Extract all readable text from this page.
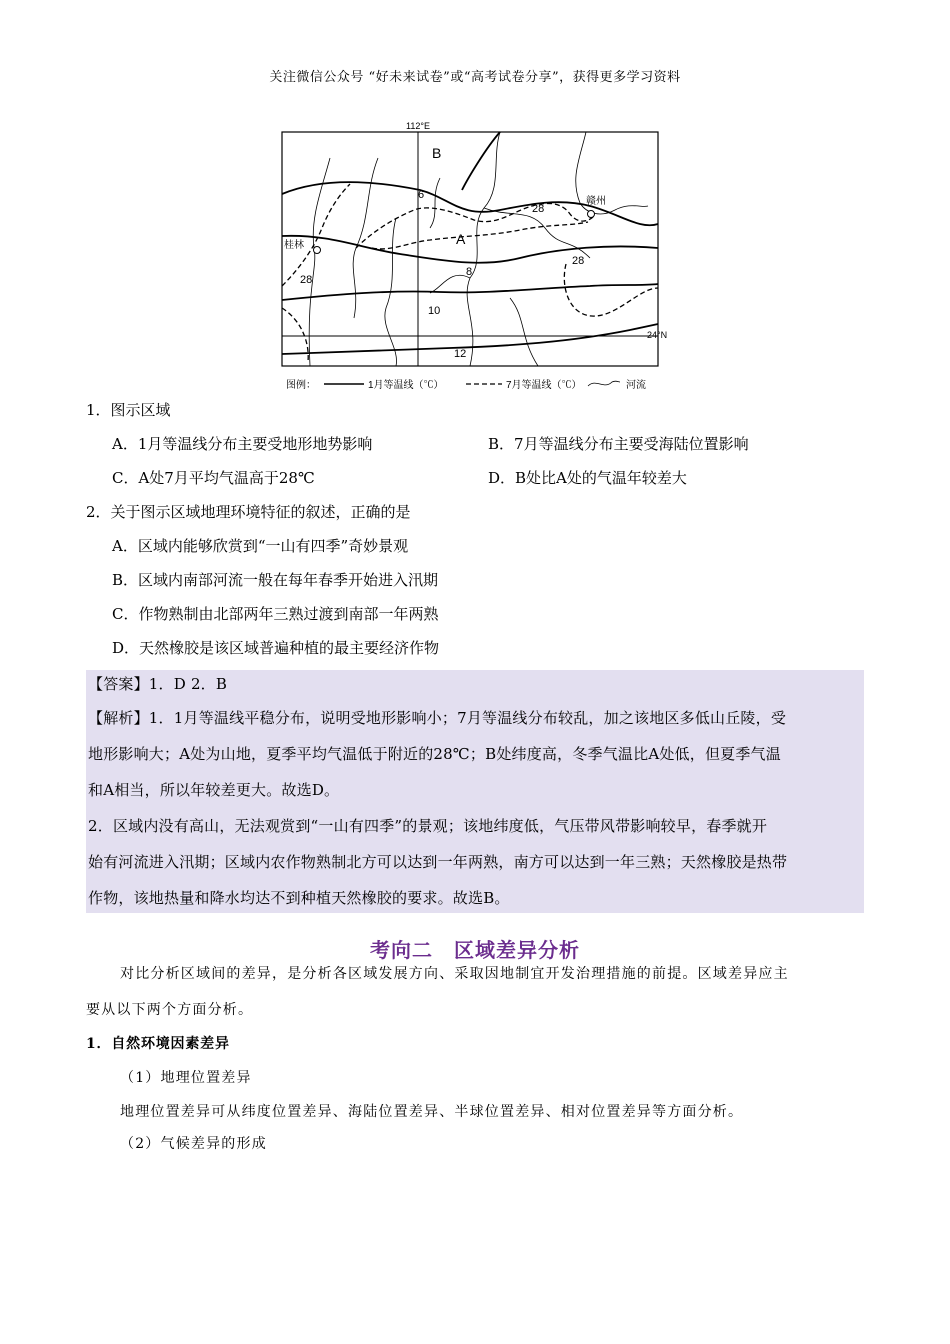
关注微信公众号 “好未来试卷”或“高考试卷分享”，获得更多学习资料
112°E
24°N
6
8
10
12
28
28
28
B
A
桂林
赣州
图例：	1月等温线（℃）	7月等温线（℃）	河流
1．图示区域
A．1月等温线分布主要受地形地势影响	B．7月等温线分布主要受海陆位置影响
C．A处7月平均气温高于28℃	D．B处比A处的气温年较差大
2．关于图示区域地理环境特征的叙述，正确的是
A．区域内能够欣赏到“一山有四季”奇妙景观
B．区域内南部河流一般在每年春季开始进入汛期
C．作物熟制由北部两年三熟过渡到南部一年两熟
D．天然橡胶是该区域普遍种植的最主要经济作物
【答案】1．D 2．B
【解析】1．1月等温线平稳分布，说明受地形影响小；7月等温线分布较乱，加之该地区多低山丘陵，受
地形影响大；A处为山地，夏季平均气温低于附近的28℃；B处纬度高，冬季气温比A处低，但夏季气温
和A相当，所以年较差更大。故选D。
2．区域内没有高山，无法观赏到“一山有四季”的景观；该地纬度低，气压带风带影响较早，春季就开
始有河流进入汛期；区域内农作物熟制北方可以达到一年两熟，南方可以达到一年三熟；天然橡胶是热带
作物，该地热量和降水均达不到种植天然橡胶的要求。故选B。
考向二　区域差异分析
对比分析区域间的差异，是分析各区域发展方向、采取因地制宜开发治理措施的前提。区域差异应主
要从以下两个方面分析。
1．自然环境因素差异
（1）地理位置差异
地理位置差异可从纬度位置差异、海陆位置差异、半球位置差异、相对位置差异等方面分析。
（2）气候差异的形成
